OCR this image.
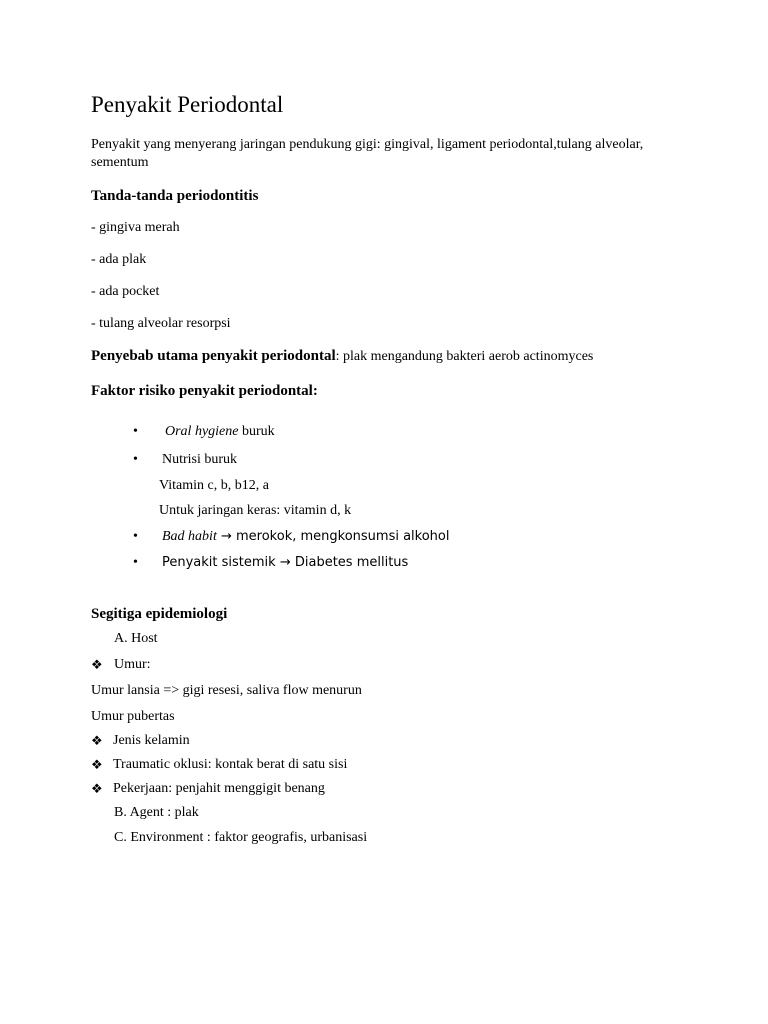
Penyakit Periodontal
Penyakit yang menyerang jaringan pendukung gigi: gingival, ligament periodontal,tulang alveolar, sementum
Tanda-tanda periodontitis
- gingiva merah
- ada plak
- ada pocket
- tulang alveolar resorpsi
Penyebab utama penyakit periodontal: plak mengandung bakteri aerob actinomyces
Faktor risiko penyakit periodontal:
• Oral hygiene buruk
• Nutrisi buruk
Vitamin c, b, b12, a
Untuk jaringan keras: vitamin d, k
• Bad habit → merokok, mengkonsumsi alkohol
• Penyakit sistemik → Diabetes mellitus
Segitiga epidemiologi
A. Host
❖ Umur:
Umur lansia => gigi resesi, saliva flow menurun
Umur pubertas
❖ Jenis kelamin
❖ Traumatic oklusi: kontak berat di satu sisi
❖ Pekerjaan: penjahit menggigit benang
B. Agent : plak
C. Environment : faktor geografis, urbanisasi
